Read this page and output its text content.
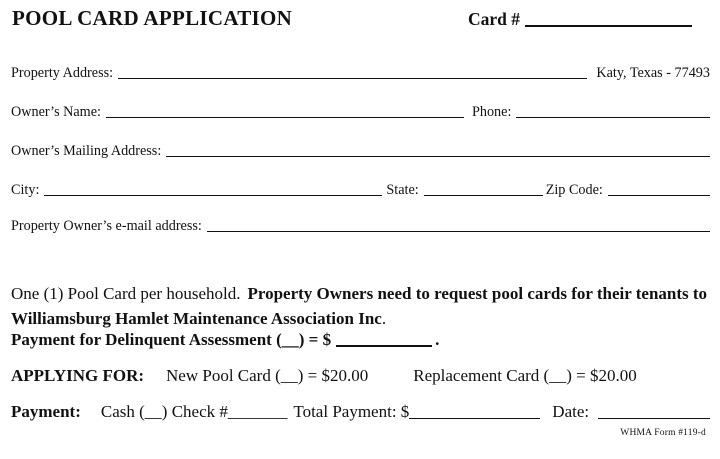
POOL CARD APPLICATION	Card #
Property Address:	Katy, Texas - 77493
Owner’s Name:	Phone:
Owner’s Mailing Address:
City:	State:	Zip Code:
Property Owner’s e-mail address:

One (1) Pool Card per household. Property Owners need to request pool cards for their tenants to Williamsburg Hamlet Maintenance Association Inc.

Payment for Delinquent Assessment (__) = $	.
APPLYING FOR: New Pool Card (__) = $20.00	Replacement Card (__) = $20.00
Payment: Cash (__) Check #_______ Total Payment: $	Date:
WHMA Form #119-d
